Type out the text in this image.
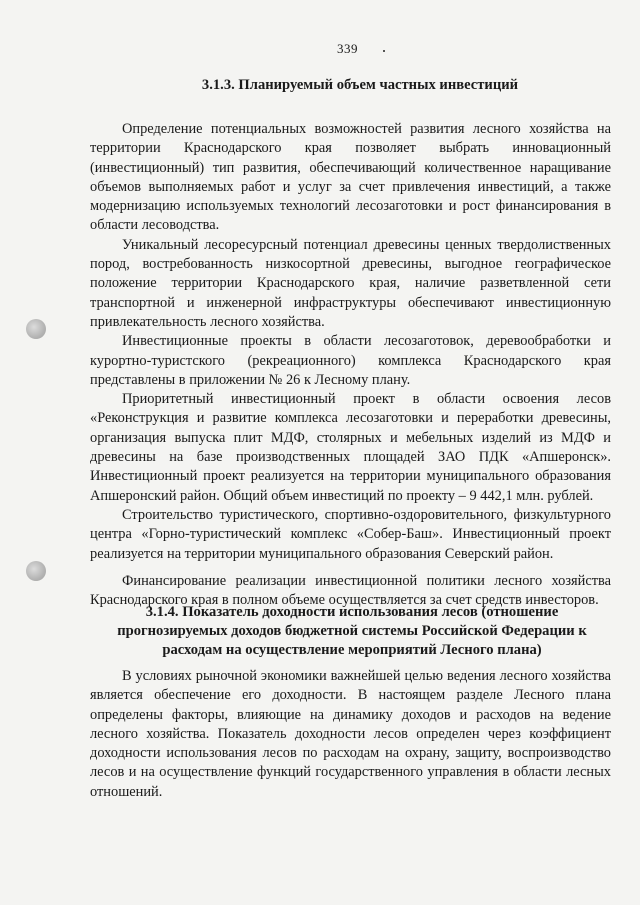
339
3.1.3. Планируемый объем частных инвестиций

Определение потенциальных возможностей развития лесного хозяйства на территории Краснодарского края позволяет выбрать инновационный (инвестиционный) тип развития, обеспечивающий количественное наращивание объемов выполняемых работ и услуг за счет привлечения инвестиций, а также модернизацию используемых технологий лесозаготовки и рост финансирования в области лесоводства.

Уникальный лесоресурсный потенциал древесины ценных твердолиственных пород, востребованность низкосортной древесины, выгодное географическое положение территории Краснодарского края, наличие разветвленной сети транспортной и инженерной инфраструктуры обеспечивают инвестиционную привлекательность лесного хозяйства.

Инвестиционные проекты в области лесозаготовок, деревообработки и курортно-туристского (рекреационного) комплекса Краснодарского края представлены в приложении № 26 к Лесному плану.

Приоритетный инвестиционный проект в области освоения лесов «Реконструкция и развитие комплекса лесозаготовки и переработки древесины, организация выпуска плит МДФ, столярных и мебельных изделий из МДФ и древесины на базе производственных площадей ЗАО ПДК «Апшеронск». Инвестиционный проект реализуется на территории муниципального образования Апшеронский район. Общий объем инвестиций по проекту – 9 442,1 млн. рублей.

Строительство туристического, спортивно-оздоровительного, физкультурного центра «Горно-туристический комплекс «Собер-Баш». Инвестиционный проект реализуется на территории муниципального образования Северский район.

Финансирование реализации инвестиционной политики лесного хозяйства Краснодарского края в полном объеме осуществляется за счет средств инвесторов.

3.1.4. Показатель доходности использования лесов (отношение прогнозируемых доходов бюджетной системы Российской Федерации к расходам на осуществление мероприятий Лесного плана)

В условиях рыночной экономики важнейшей целью ведения лесного хозяйства является обеспечение его доходности. В настоящем разделе Лесного плана определены факторы, влияющие на динамику доходов и расходов на ведение лесного хозяйства. Показатель доходности лесов определен через коэффициент доходности использования лесов по расходам на охрану, защиту, воспроизводство лесов и на осуществление функций государственного управления в области лесных отношений.
